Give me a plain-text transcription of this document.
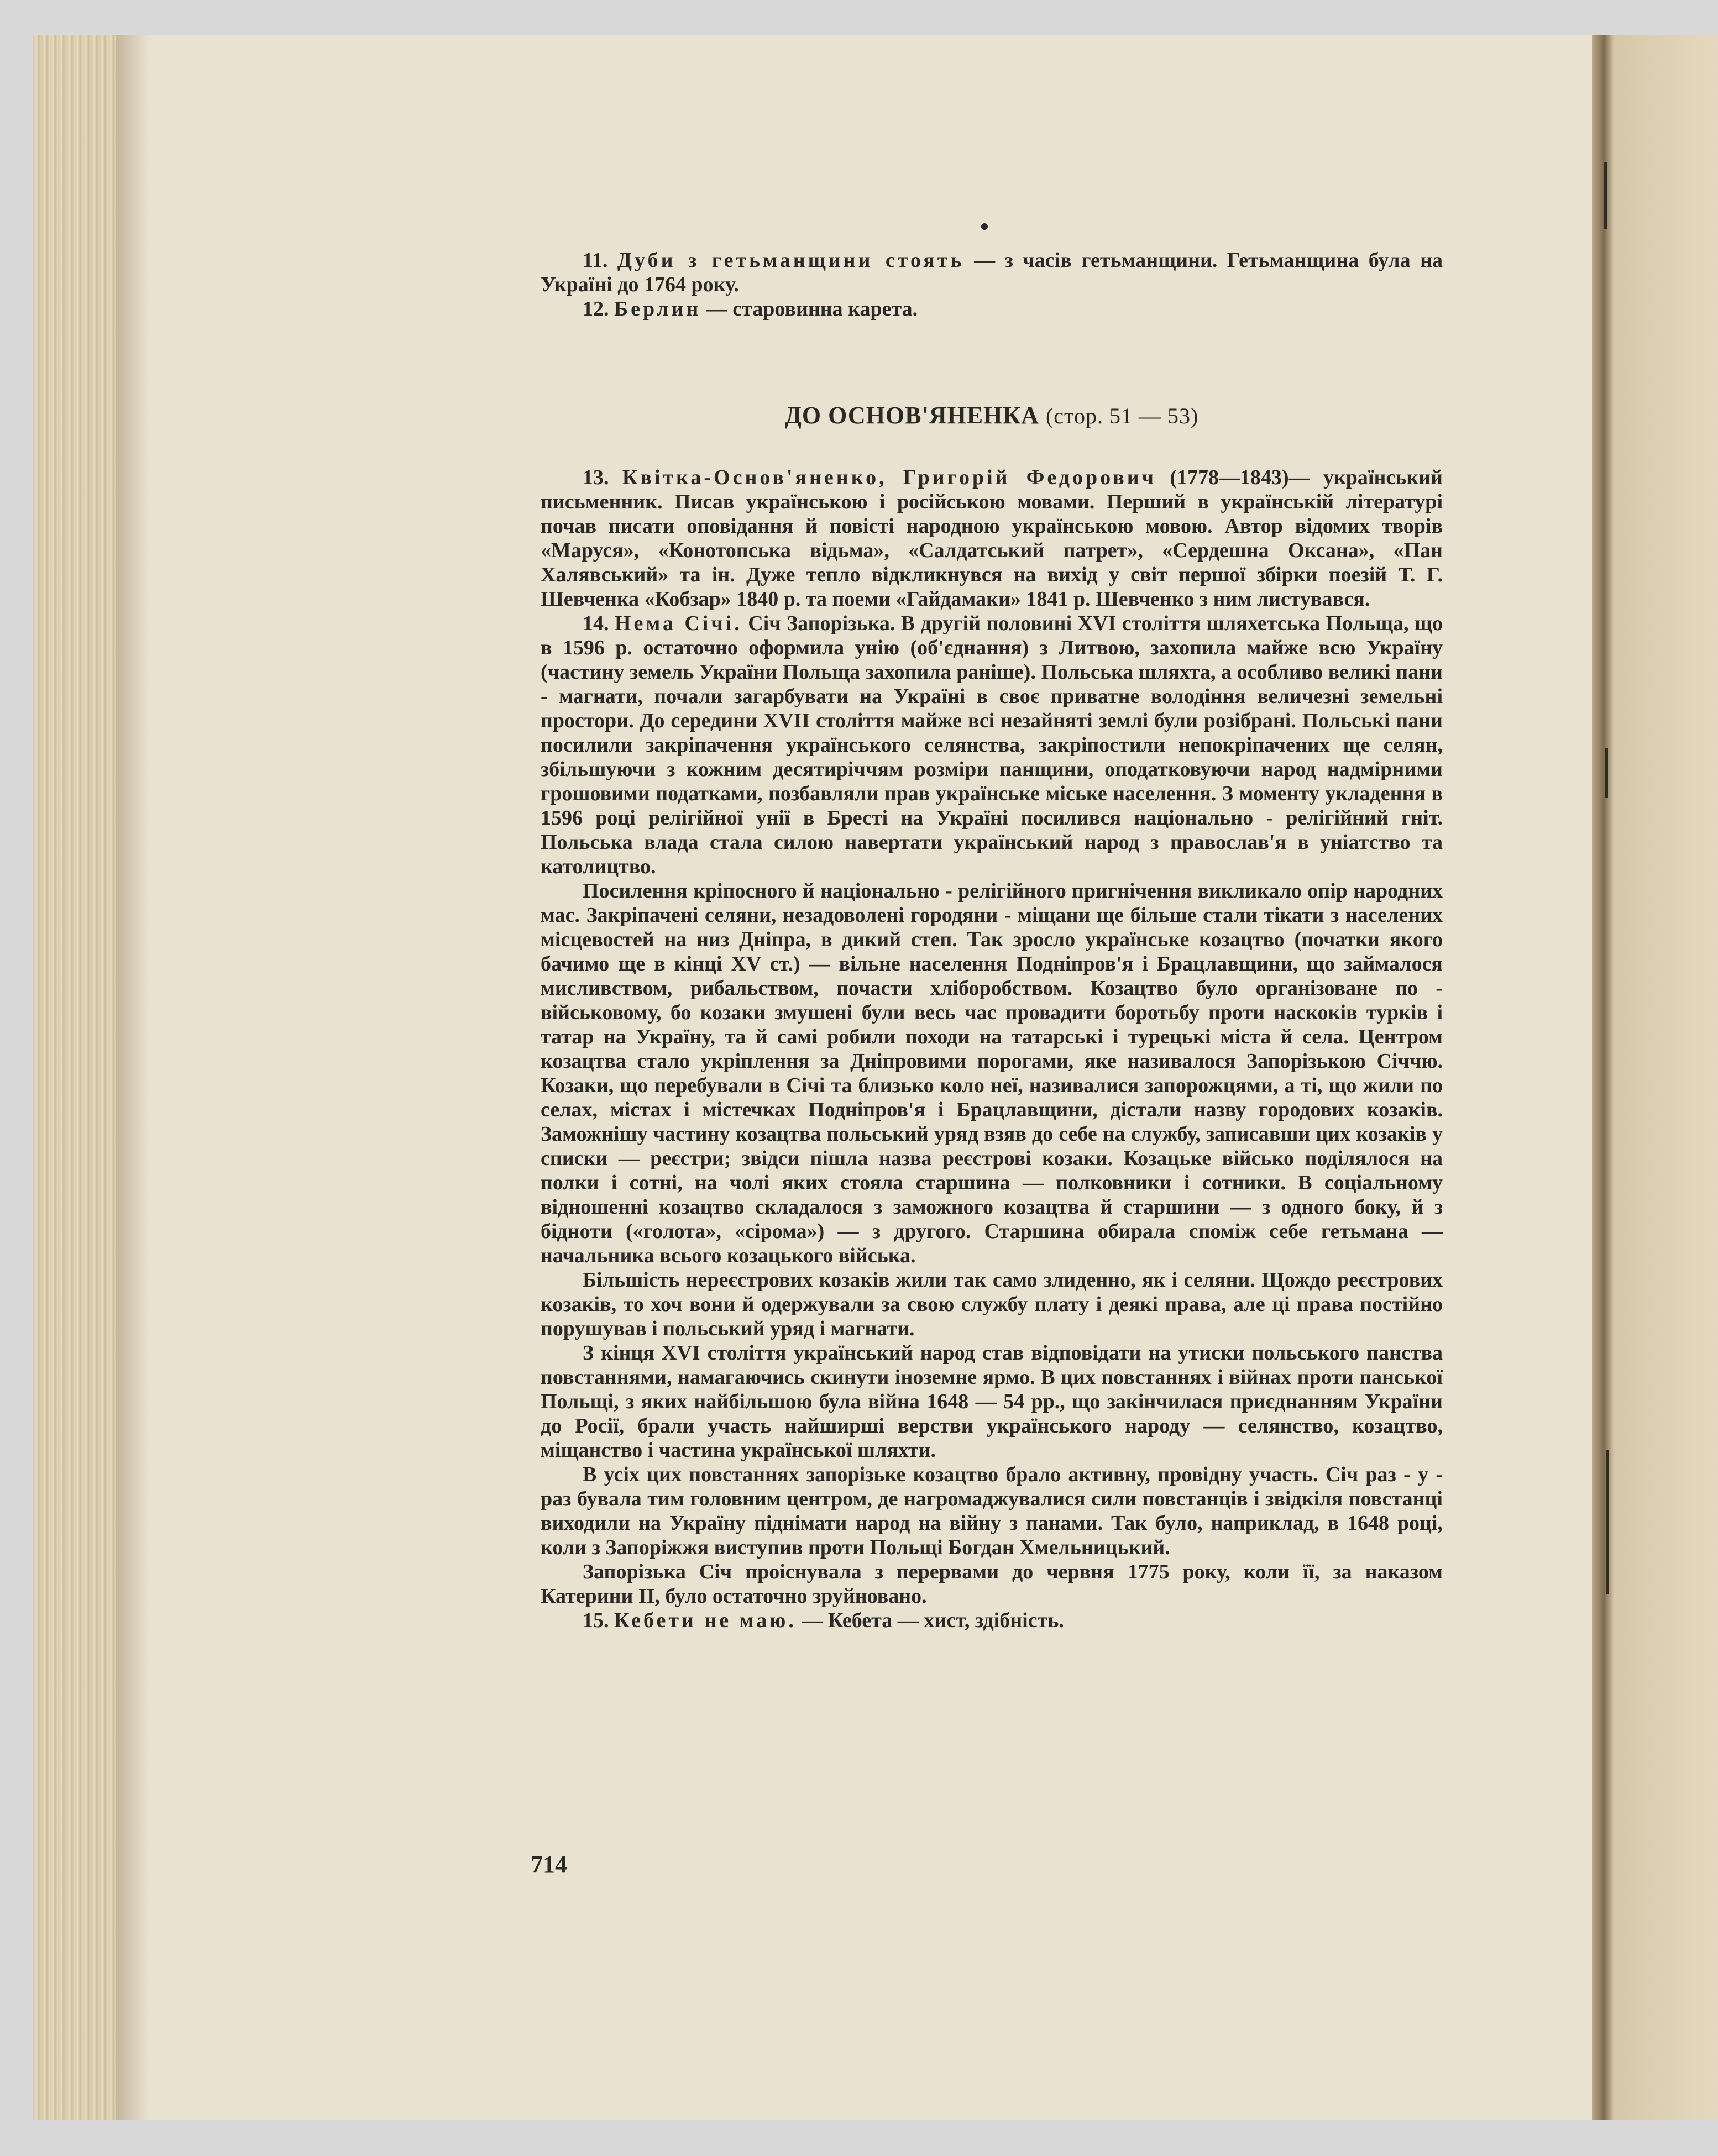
11. Дуби з гетьманщини стоять — з часів гетьманщини. Гетьманщина була на Україні до 1764 року.

12. Берлин — старовинна карета.

ДО ОСНОВ'ЯНЕНКА (стор. 51 — 53)

13. Квітка-Основ'яненко, Григорій Федорович (1778—1843)— український письменник. Писав українською і російською мовами. Перший в українській літературі почав писати оповідання й повісті народною українською мовою. Автор відомих творів «Маруся», «Конотопська відьма», «Салдатський патрет», «Сердешна Оксана», «Пан Халявський» та ін. Дуже тепло відкликнувся на вихід у світ першої збірки поезій Т. Г. Шевченка «Кобзар» 1840 р. та поеми «Гайдамаки» 1841 р. Шевченко з ним листувався.

14. Нема Січі. Січ Запорізька. В другій половині XVI століття шляхетська Польща, що в 1596 р. остаточно оформила унію (об'єднання) з Литвою, захопила майже всю Україну (частину земель України Польща захопила раніше). Польська шляхта, а особливо великі пани - магнати, почали загарбувати на Україні в своє приватне володіння величезні земельні простори. До середини XVII століття майже всі незайняті землі були розібрані. Польські пани посилили закріпачення українського селянства, закріпостили непокріпачених ще селян, збільшуючи з кожним десятиріччям розміри панщини, оподатковуючи народ надмірними грошовими податками, позбавляли прав українське міське населення. З моменту укладення в 1596 році релігійної унії в Бресті на Україні посилився національно - релігійний гніт. Польська влада стала силою навертати український народ з православ'я в уніатство та католицтво.

Посилення кріпосного й національно - релігійного пригнічення викликало опір народних мас. Закріпачені селяни, незадоволені городяни - міщани ще більше стали тікати з населених місцевостей на низ Дніпра, в дикий степ. Так зросло українське козацтво (початки якого бачимо ще в кінці XV ст.) — вільне населення Подніпров'я і Брацлавщини, що займалося мисливством, рибальством, почасти хліборобством. Козацтво було організоване по - військовому, бо козаки змушені були весь час провадити боротьбу проти наскоків турків і татар на Україну, та й самі робили походи на татарські і турецькі міста й села. Центром козацтва стало укріплення за Дніпровими порогами, яке називалося Запорізькою Січчю. Козаки, що перебували в Січі та близько коло неї, називалися запорожцями, а ті, що жили по селах, містах і містечках Подніпров'я і Брацлавщини, дістали назву городових козаків. Заможнішу частину козацтва польський уряд взяв до себе на службу, записавши цих козаків у списки — реєстри; звідси пішла назва реєстрові козаки. Козацьке військо поділялося на полки і сотні, на чолі яких стояла старшина — полковники і сотники. В соціальному відношенні козацтво складалося з заможного козацтва й старшини — з одного боку, й з бідноти («голота», «сірома») — з другого. Старшина обирала споміж себе гетьмана — начальника всього козацького війська.

Більшість нереєстрових козаків жили так само злиденно, як і селяни. Щождо реєстрових козаків, то хоч вони й одержували за свою службу плату і деякі права, але ці права постійно порушував і польський уряд і магнати.

З кінця XVI століття український народ став відповідати на утиски польського панства повстаннями, намагаючись скинути іноземне ярмо. В цих повстаннях і війнах проти панської Польщі, з яких найбільшою була війна 1648 — 54 рр., що закінчилася приєднанням України до Росії, брали участь найширші верстви українського народу — селянство, козацтво, міщанство і частина української шляхти.

В усіх цих повстаннях запорізьке козацтво брало активну, провідну участь. Січ раз - у - раз бувала тим головним центром, де нагромаджувалися сили повстанців і звідкіля повстанці виходили на Україну піднімати народ на війну з панами. Так було, наприклад, в 1648 році, коли з Запоріжжя виступив проти Польщі Богдан Хмельницький.

Запорізька Січ проіснувала з перервами до червня 1775 року, коли її, за наказом Катерини II, було остаточно зруйновано.

15. Кебети не маю. — Кебета — хист, здібність.

714
